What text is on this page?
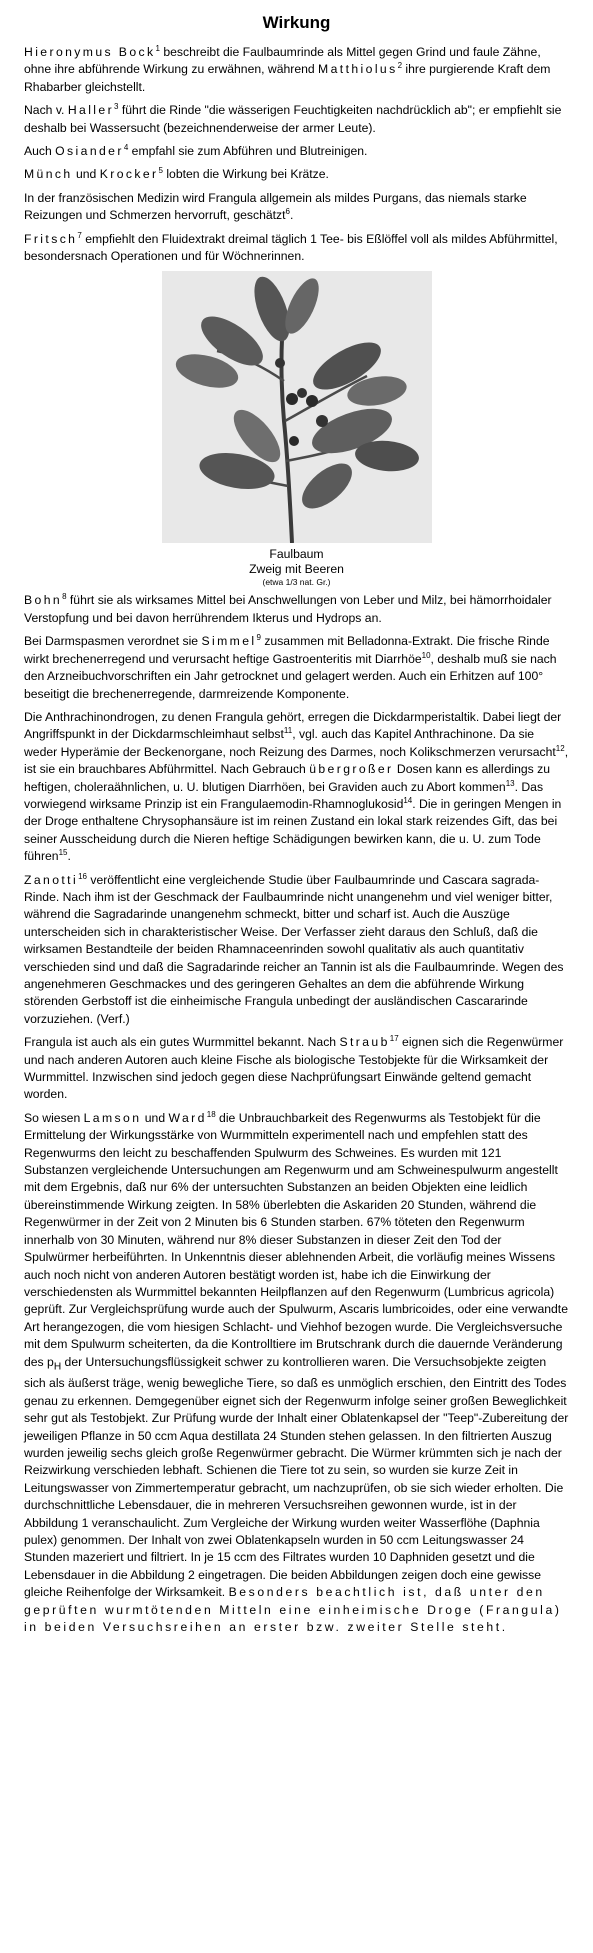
Wirkung

Hieronymus Bock$^1$ beschreibt die Faulbaumrinde als Mittel gegen Grind und faule Zähne, ohne ihre abführende Wirkung zu erwähnen, während Matthiolus$^2$ ihre purgierende Kraft dem Rhabarber gleichstellt.

Nach v. Haller$^3$ führt die Rinde "die wässerigen Feuchtigkeiten nachdrücklich ab"; er empfiehlt sie deshalb bei Wassersucht (bezeichnenderweise der armer Leute).

Auch Osiander$^4$ empfahl sie zum Abführen und Blutreinigen.

Münch und Krocker$^5$ lobten die Wirkung bei Krätze.

In der französischen Medizin wird Frangula allgemein als mildes Purgans, das niemals starke Reizungen und Schmerzen hervorruft, geschätzt$^6$.

Fritsch$^7$ empfiehlt den Fluidextrakt dreimal täglich 1 Tee- bis Eßlöffel voll als mildes Abführmittel, besondersnach Operationen und für Wöchnerinnen.

Faulbaum
Zweig mit Beeren
(etwa 1/3 nat. Gr.)

Bohn$^8$ führt sie als wirksames Mittel bei Anschwellungen von Leber und Milz, bei hämorrhoidaler Verstopfung und bei davon herrührendem Ikterus und Hydrops an.

Bei Darmspasmen verordnet sie Simmel$^9$ zusammen mit Belladonna-Extrakt. Die frische Rinde wirkt brechenerregend und verursacht heftige Gastroenteritis mit Diarrhöe$^{10}$, deshalb muß sie nach den Arzneibuchvorschriften ein Jahr getrocknet und gelagert werden. Auch ein Erhitzen auf 100° beseitigt die brechenerregende, darmreizende Komponente.

Die Anthrachinondrogen, zu denen Frangula gehört, erregen die Dickdarmperistaltik. Dabei liegt der Angriffspunkt in der Dickdarmschleimhaut selbst$^{11}$, vgl. auch das Kapitel Anthrachinone. Da sie weder Hyperämie der Beckenorgane, noch Reizung des Darmes, noch Kolikschmerzen verursacht$^{12}$, ist sie ein brauchbares Abführmittel. Nach Gebrauch übergroßer Dosen kann es allerdings zu heftigen, choleraähnlichen, u. U. blutigen Diarrhöen, bei Graviden auch zu Abort kommen$^{13}$. Das vorwiegend wirksame Prinzip ist ein Frangulaemodin-Rhamnoglukosid$^{14}$. Die in geringen Mengen in der Droge enthaltene Chrysophansäure ist im reinen Zustand ein lokal stark reizendes Gift, das bei seiner Ausscheidung durch die Nieren heftige Schädigungen bewirken kann, die u. U. zum Tode führen$^{15}$.

Zanotti$^{16}$ veröffentlicht eine vergleichende Studie über Faulbaumrinde und Cascara sagrada-Rinde. Nach ihm ist der Geschmack der Faulbaumrinde nicht unangenehm und viel weniger bitter, während die Sagradarinde unangenehm schmeckt, bitter und scharf ist. Auch die Auszüge unterscheiden sich in charakteristischer Weise. Der Verfasser zieht daraus den Schluß, daß die wirksamen Bestandteile der beiden Rhamnaceenrinden sowohl qualitativ als auch quantitativ verschieden sind und daß die Sagradarinde reicher an Tannin ist als die Faulbaumrinde. Wegen des angenehmeren Geschmackes und des geringeren Gehaltes an dem die abführende Wirkung störenden Gerbstoff ist die einheimische Frangula unbedingt der ausländischen Cascararinde vorzuziehen. (Verf.)

Frangula ist auch als ein gutes Wurmmittel bekannt. Nach Straub$^{17}$ eignen sich die Regenwürmer und nach anderen Autoren auch kleine Fische als biologische Testobjekte für die Wirksamkeit der Wurmmittel. Inzwischen sind jedoch gegen diese Nachprüfungsart Einwände geltend gemacht worden.

So wiesen Lamson und Ward$^{18}$ die Unbrauchbarkeit des Regenwurms als Testobjekt für die Ermittelung der Wirkungsstärke von Wurmmitteln experimentell nach und empfehlen statt des Regenwurms den leicht zu beschaffenden Spulwurm des Schweines. Es wurden mit 121 Substanzen vergleichende Untersuchungen am Regenwurm und am Schweinespulwurm angestellt mit dem Ergebnis, daß nur 6% der untersuchten Substanzen an beiden Objekten eine leidlich übereinstimmende Wirkung zeigten. In 58% überlebten die Askariden 20 Stunden, während die Regenwürmer in der Zeit von 2 Minuten bis 6 Stunden starben. 67% töteten den Regenwurm innerhalb von 30 Minuten, während nur 8% dieser Substanzen in dieser Zeit den Tod der Spulwürmer herbeiführten. In Unkenntnis dieser ablehnenden Arbeit, die vorläufig meines Wissens auch noch nicht von anderen Autoren bestätigt worden ist, habe ich die Einwirkung der verschiedensten als Wurmmittel bekannten Heilpflanzen auf den Regenwurm (Lumbricus agricola) geprüft. Zur Vergleichsprüfung wurde auch der Spulwurm, Ascaris lumbricoides, oder eine verwandte Art herangezogen, die vom hiesigen Schlacht- und Viehhof bezogen wurde. Die Vergleichsversuche mit dem Spulwurm scheiterten, da die Kontrolltiere im Brutschrank durch die dauernde Veränderung des $p_H$ der Untersuchungsflüssigkeit schwer zu kontrollieren waren. Die Versuchsobjekte zeigten sich als äußerst träge, wenig bewegliche Tiere, so daß es unmöglich erschien, den Eintritt des Todes genau zu erkennen. Demgegenüber eignet sich der Regenwurm infolge seiner großen Beweglichkeit sehr gut als Testobjekt. Zur Prüfung wurde der Inhalt einer Oblatenkapsel der "Teep"-Zubereitung der jeweiligen Pflanze in 50 ccm Aqua destillata 24 Stunden stehen gelassen. In den filtrierten Auszug wurden jeweilig sechs gleich große Regenwürmer gebracht. Die Würmer krümmten sich je nach der Reizwirkung verschieden lebhaft. Schienen die Tiere tot zu sein, so wurden sie kurze Zeit in Leitungswasser von Zimmertemperatur gebracht, um nachzuprüfen, ob sie sich wieder erholten. Die durchschnittliche Lebensdauer, die in mehreren Versuchsreihen gewonnen wurde, ist in der Abbildung 1 veranschaulicht. Zum Vergleiche der Wirkung wurden weiter Wasserflöhe (Daphnia pulex) genommen. Der Inhalt von zwei Oblatenkapseln wurden in 50 ccm Leitungswasser 24 Stunden mazeriert und filtriert. In je 15 ccm des Filtrates wurden 10 Daphniden gesetzt und die Lebensdauer in die Abbildung 2 eingetragen. Die beiden Abbildungen zeigen doch eine gewisse gleiche Reihenfolge der Wirksamkeit. Besonders beachtlich ist, daß unter den geprüften wurmtötenden Mitteln eine einheimische Droge (Frangula) in beiden Versuchsreihen an erster bzw. zweiter Stelle steht.
